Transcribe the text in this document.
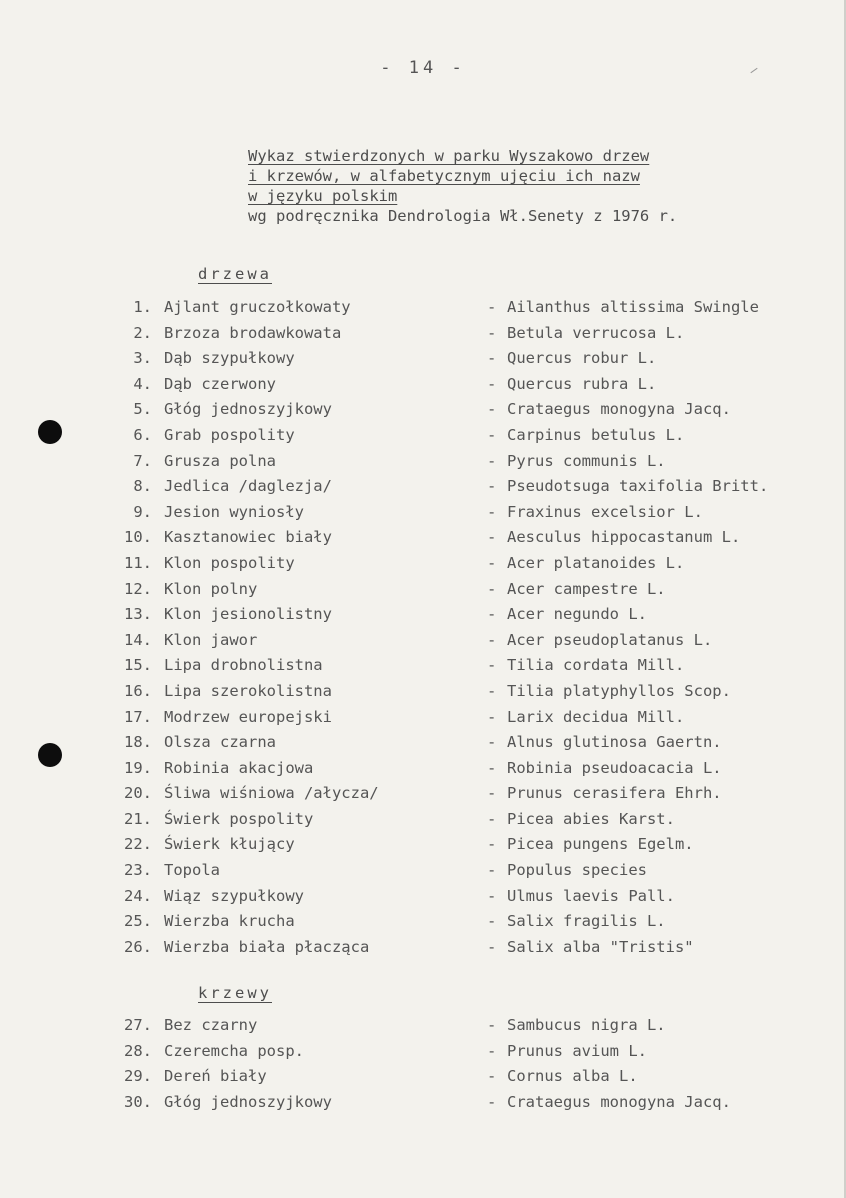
- 14 -
Wykaz stwierdzonych w parku Wyszakowo drzew
i krzewów, w alfabetycznym ujęciu ich nazw
w języku polskim
wg podręcznika Dendrologia Wł.Senety z 1976 r.
drzewa
1. Ajlant gruczołkowaty	- Ailanthus altissima Swingle
2. Brzoza brodawkowata	- Betula verrucosa L.
3. Dąb szypułkowy	- Quercus robur L.
4. Dąb czerwony	- Quercus rubra L.
5. Głóg jednoszyjkowy	- Crataegus monogyna Jacq.
6. Grab pospolity	- Carpinus betulus L.
7. Grusza polna	- Pyrus communis L.
8. Jedlica /daglezja/	- Pseudotsuga taxifolia Britt.
9. Jesion wyniosły	- Fraxinus excelsior L.
10. Kasztanowiec biały	- Aesculus hippocastanum L.
11. Klon pospolity	- Acer platanoides L.
12. Klon polny	- Acer campestre L.
13. Klon jesionolistny	- Acer negundo L.
14. Klon jawor	- Acer pseudoplatanus L.
15. Lipa drobnolistna	- Tilia cordata Mill.
16. Lipa szerokolistna	- Tilia platyphyllos Scop.
17. Modrzew europejski	- Larix decidua Mill.
18. Olsza czarna	- Alnus glutinosa Gaertn.
19. Robinia akacjowa	- Robinia pseudoacacia L.
20. Śliwa wiśniowa /ałycza/	- Prunus cerasifera Ehrh.
21. Świerk pospolity	- Picea abies Karst.
22. Świerk kłujący	- Picea pungens Egelm.
23. Topola	- Populus species
24. Wiąz szypułkowy	- Ulmus laevis Pall.
25. Wierzba krucha	- Salix fragilis L.
26. Wierzba biała płacząca	- Salix alba "Tristis"
krzewy
27. Bez czarny	- Sambucus nigra L.
28. Czeremcha posp.	- Prunus avium L.
29. Dereń biały	- Cornus alba L.
30. Głóg jednoszyjkowy	- Crataegus monogyna Jacq.
